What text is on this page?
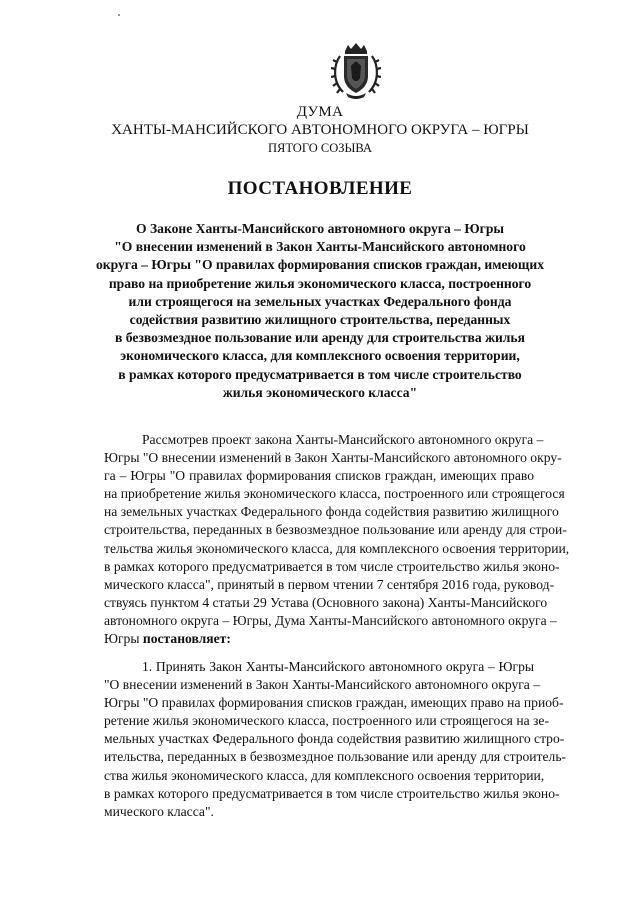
ДУМА

ХАНТЫ-МАНСИЙСКОГО АВТОНОМНОГО ОКРУГА – ЮГРЫ

ПЯТОГО СОЗЫВА

ПОСТАНОВЛЕНИЕ
О Законе Ханты-Мансийского автономного округа – Югры
"О внесении изменений в Закон Ханты-Мансийского автономного
округа – Югры "О правилах формирования списков граждан, имеющих
право на приобретение жилья экономического класса, построенного
или строящегося на земельных участках Федерального фонда
содействия развитию жилищного строительства, переданных
в безвозмездное пользование или аренду для строительства жилья
экономического класса, для комплексного освоения территории,
в рамках которого предусматривается в том числе строительство
жилья экономического класса"
Рассмотрев проект закона Ханты-Мансийского автономного округа –
Югры "О внесении изменений в Закон Ханты-Мансийского автономного окру-
га – Югры "О правилах формирования списков граждан, имеющих право
на приобретение жилья экономического класса, построенного или строящегося
на земельных участках Федерального фонда содействия развитию жилищного
строительства, переданных в безвозмездное пользование или аренду для строи-
тельства жилья экономического класса, для комплексного освоения территории,
в рамках которого предусматривается в том числе строительство жилья эконо-
мического класса", принятый в первом чтении 7 сентября 2016 года, руковод-
ствуясь пунктом 4 статьи 29 Устава (Основного закона) Ханты-Мансийского
автономного округа – Югры, Дума Ханты-Мансийского автономного округа –
Югры постановляет:
1. Принять Закон Ханты-Мансийского автономного округа – Югры
"О внесении изменений в Закон Ханты-Мансийского автономного округа –
Югры "О правилах формирования списков граждан, имеющих право на приоб-
ретение жилья экономического класса, построенного или строящегося на зе-
мельных участках Федерального фонда содействия развитию жилищного стро-
ительства, переданных в безвозмездное пользование или аренду для строитель-
ства жилья экономического класса, для комплексного освоения территории,
в рамках которого предусматривается в том числе строительство жилья эконо-
мического класса".
